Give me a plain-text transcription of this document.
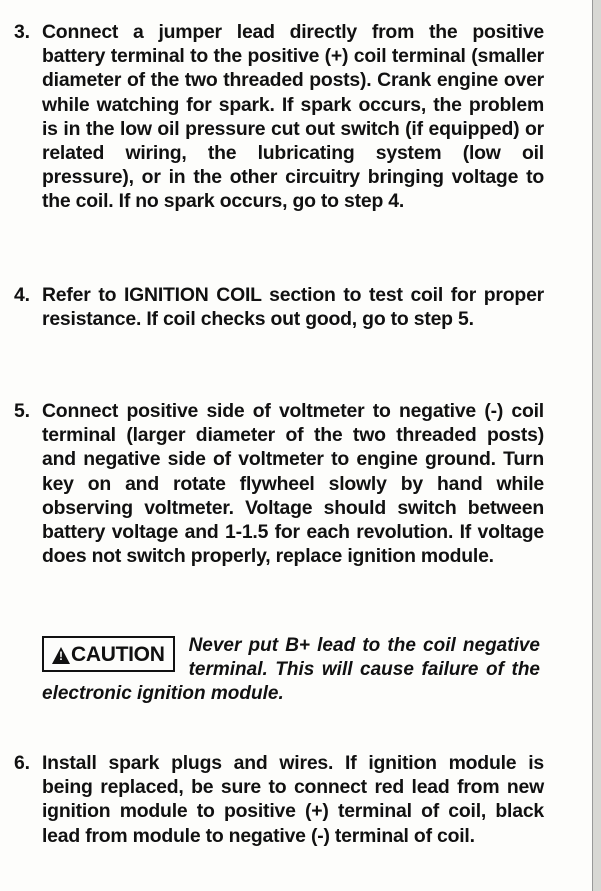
3. Connect a jumper lead directly from the positive battery terminal to the positive (+) coil terminal (smaller diameter of the two threaded posts). Crank engine over while watching for spark. If spark occurs, the problem is in the low oil pressure cut out switch (if equipped) or related wiring, the lubricating system (low oil pressure), or in the other circuitry bringing voltage to the coil. If no spark occurs, go to step 4.
4. Refer to IGNITION COIL section to test coil for proper resistance. If coil checks out good, go to step 5.
5. Connect positive side of voltmeter to negative (-) coil terminal (larger diameter of the two threaded posts) and negative side of voltmeter to engine ground. Turn key on and rotate flywheel slowly by hand while observing voltmeter. Voltage should switch between battery voltage and 1-1.5 for each revolution. If voltage does not switch properly, replace ignition module.
!
CAUTION	Never put B+ lead to the coil negative terminal. This will cause failure of the electronic ignition module.
6. Install spark plugs and wires. If ignition module is being replaced, be sure to connect red lead from new ignition module to positive (+) terminal of coil, black lead from module to negative (-) terminal of coil.
